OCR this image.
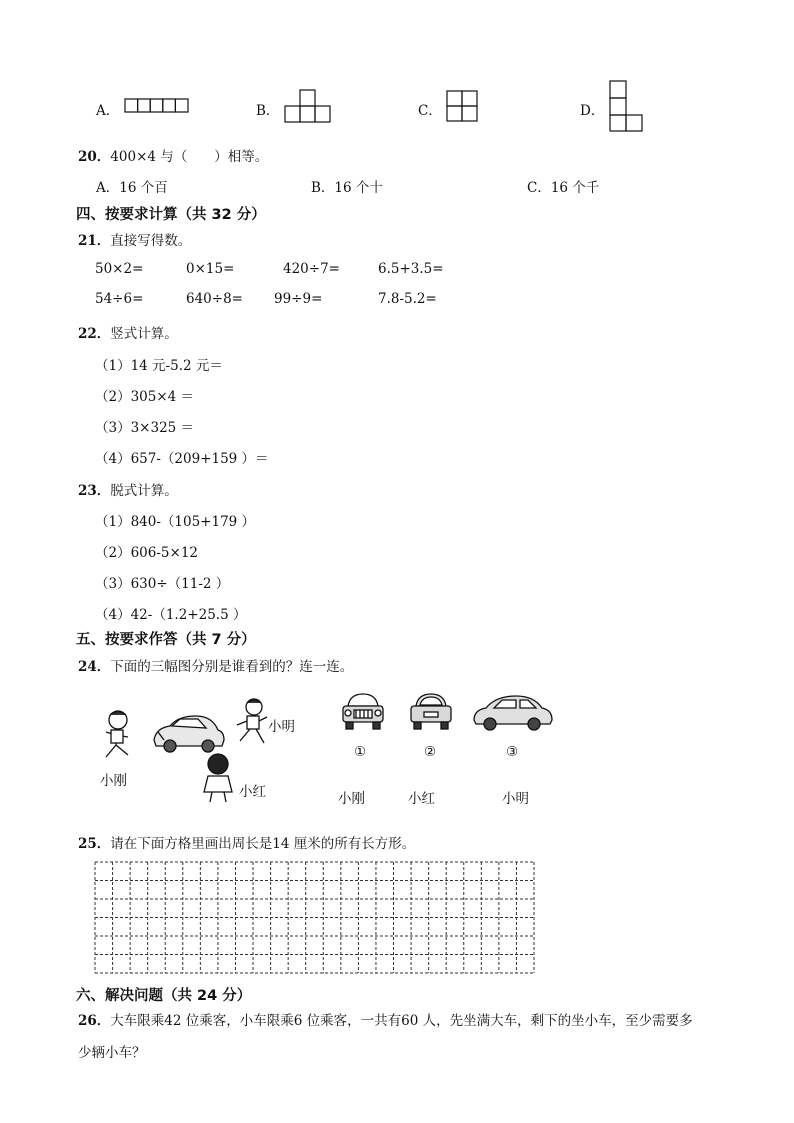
A．	B．	C．	D．
20．400×4 与（　　）相等。
A．16 个百	B．16 个十	C．16 个千
四、按要求计算（共 32 分）
21．直接写得数。
50×2=	0×15=	420÷7=	6.5+3.5=
54÷6=	640÷8= 99÷9=	7.8-5.2=
22．竖式计算。
（1）14 元-5.2 元＝
（2）305×4 ＝
（3）3×325 ＝
（4）657-（209+159 ）＝
23．脱式计算。
（1）840-（105+179 ）
（2）606-5×12
（3）630÷（11-2 ）
（4）42-（1.2+25.5 ）
五、按要求作答（共 7 分）
24．下面的三幅图分别是谁看到的？连一连。
小刚
小明
小红
①	②	③
小刚	小红	小明
25．请在下面方格里画出周长是14 厘米的所有长方形。
六、解决问题（共 24 分）
26．大车限乘42 位乘客，小车限乘6 位乘客，一共有60 人，先坐满大车，剩下的坐小车，至少需要多
少辆小车？
